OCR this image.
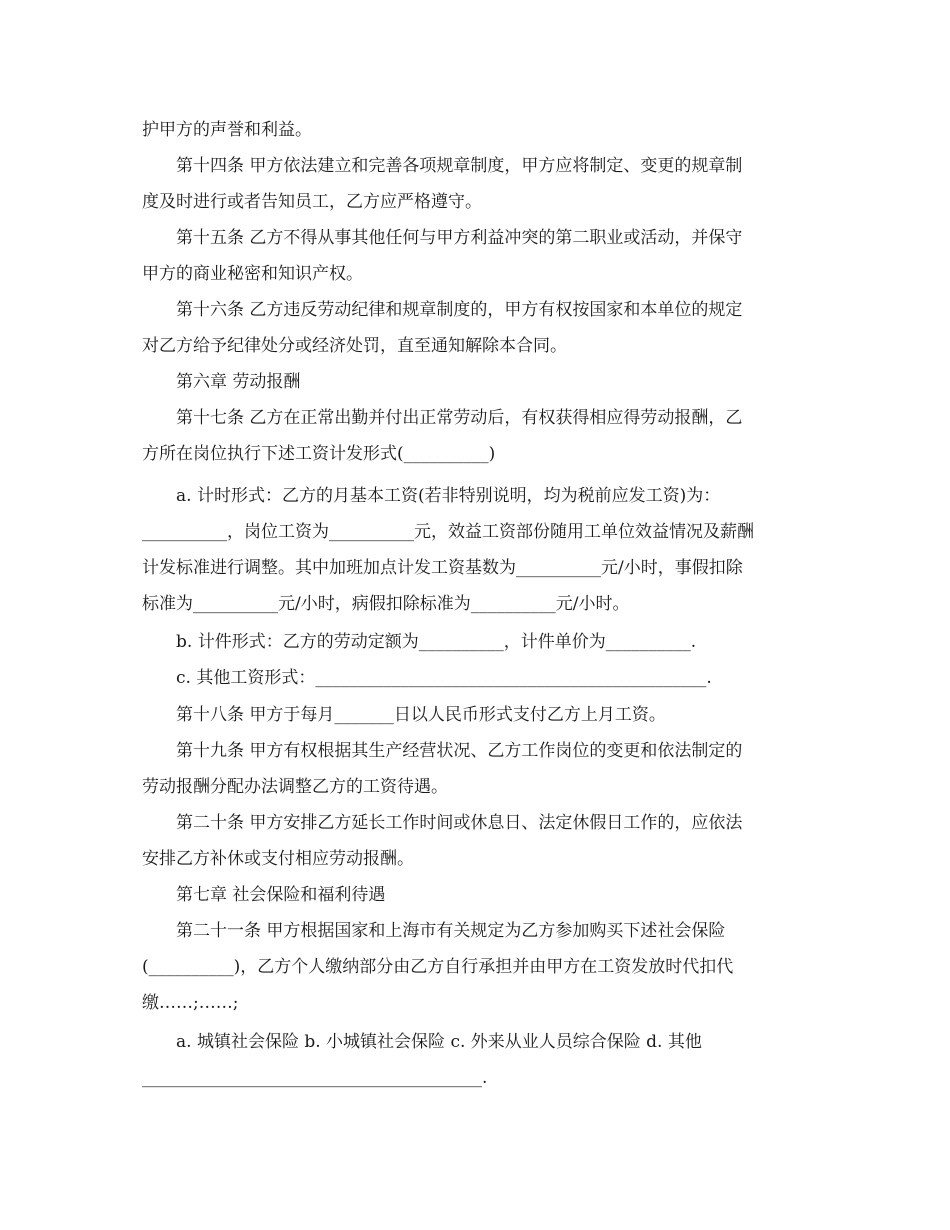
护甲方的声誉和利益。
第十四条 甲方依法建立和完善各项规章制度，甲方应将制定、变更的规章制
度及时进行或者告知员工，乙方应严格遵守。
第十五条 乙方不得从事其他任何与甲方利益冲突的第二职业或活动，并保守
甲方的商业秘密和知识产权。
第十六条 乙方违反劳动纪律和规章制度的，甲方有权按国家和本单位的规定
对乙方给予纪律处分或经济处罚，直至通知解除本合同。
第六章 劳动报酬
第十七条 乙方在正常出勤并付出正常劳动后，有权获得相应得劳动报酬，乙
方所在岗位执行下述工资计发形式(__________)
a. 计时形式：乙方的月基本工资(若非特别说明，均为税前应发工资)为：
__________，岗位工资为__________元，效益工资部份随用工单位效益情况及薪酬
计发标准进行调整。其中加班加点计发工资基数为__________元/小时，事假扣除
标准为__________元/小时，病假扣除标准为__________元/小时。
b. 计件形式：乙方的劳动定额为__________，计件单价为__________.
c. 其他工资形式：______________________________________________.
第十八条 甲方于每月_______日以人民币形式支付乙方上月工资。
第十九条 甲方有权根据其生产经营状况、乙方工作岗位的变更和依法制定的
劳动报酬分配办法调整乙方的工资待遇。
第二十条 甲方安排乙方延长工作时间或休息日、法定休假日工作的，应依法
安排乙方补休或支付相应劳动报酬。
第七章 社会保险和福利待遇
第二十一条 甲方根据国家和上海市有关规定为乙方参加购买下述社会保险
(__________)，乙方个人缴纳部分由乙方自行承担并由甲方在工资发放时代扣代
缴……;……;
a. 城镇社会保险 b. 小城镇社会保险 c. 外来从业人员综合保险 d. 其他
________________________________________.
